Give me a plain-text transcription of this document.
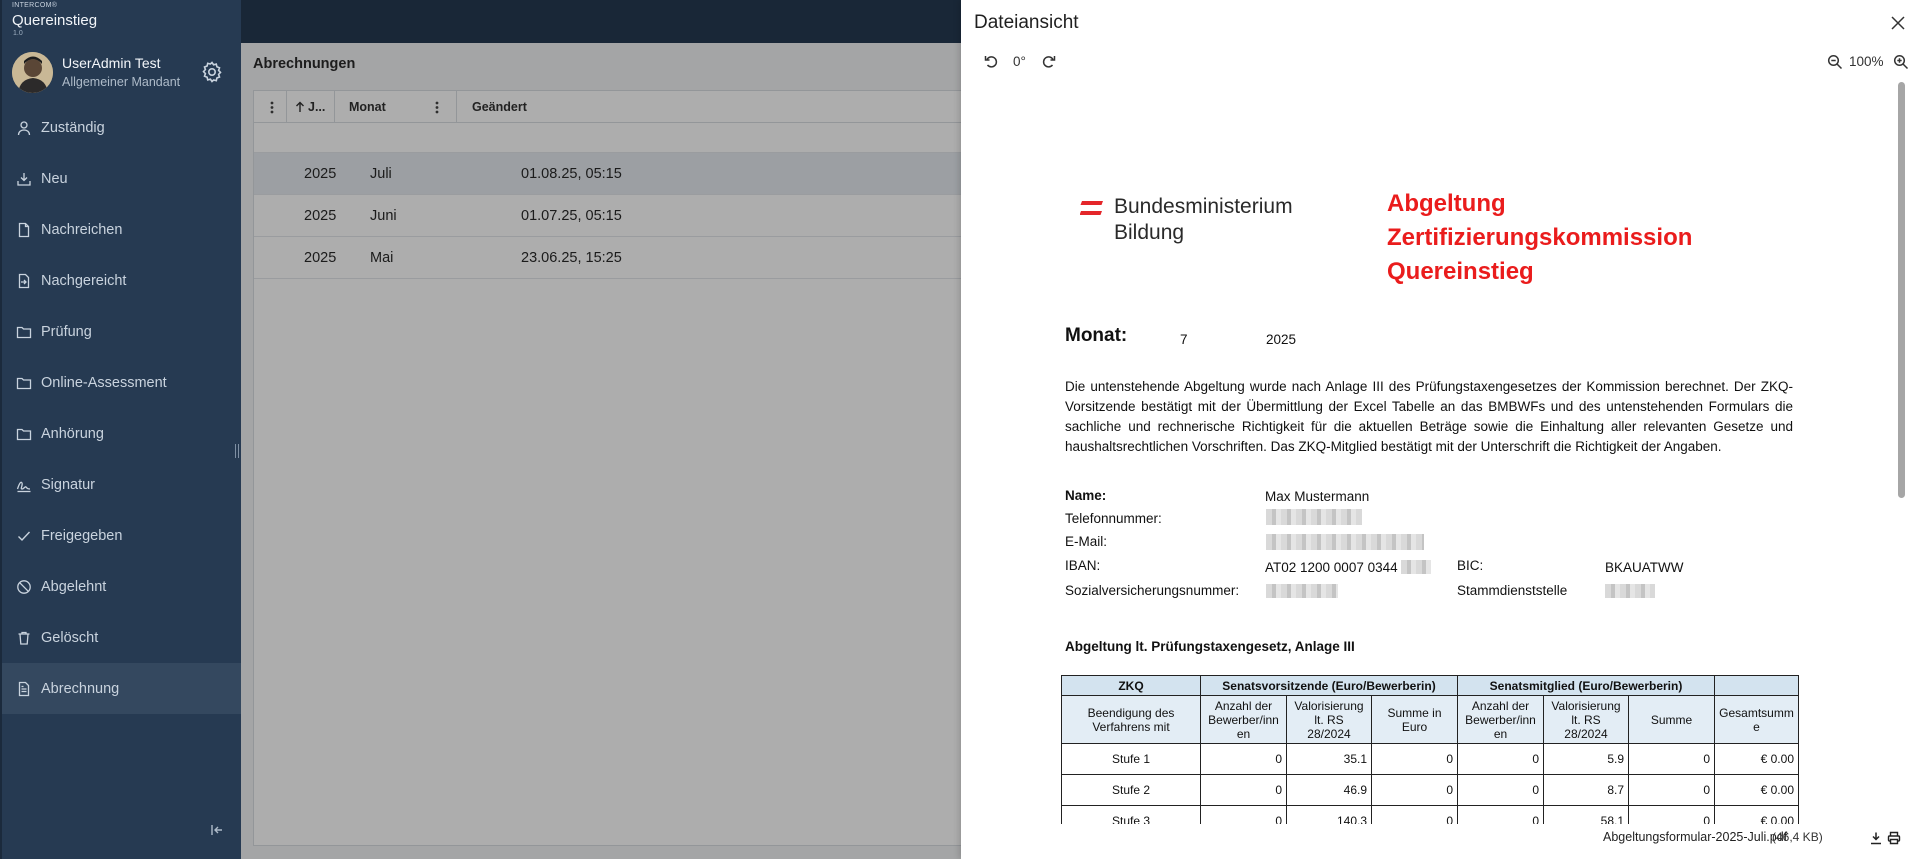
INTERCOM®
Quereinstieg
1.0
UserAdmin Test
Allgemeiner Mandant
Zuständig
Neu
Nachreichen
Nachgereicht
Prüfung
Online-Assessment
Anhörung
Signatur
Freigegeben
Abgelehnt
Gelöscht
Abrechnung
Abrechnungen
J... Monat	Geändert
2025 Juli	01.08.25, 05:15
2025 Juni	01.07.25, 05:15
2025 Mai	23.06.25, 15:25
Dateiansicht
0°	100%
Bundesministerium
Bildung
Abgeltung
Zertifizierungskommission
Quereinstieg
Monat:	7	2025
Die untenstehende Abgeltung wurde nach Anlage III des Prüfungstaxengesetzes der Kommission berechnet. Der ZKQ-Vorsitzende bestätigt mit der Übermittlung der Excel Tabelle an das BMBWFs und des untenstehenden Formulars die sachliche und rechnerische Richtigkeit für die aktuellen Beträge sowie die Einhaltung aller relevanten Gesetze und haushaltsrechtlichen Vorschriften. Das ZKQ-Mitglied bestätigt mit der Unterschrift die Richtigkeit der Angaben.
Name:	Max Mustermann
Telefonnummer:
E-Mail:
IBAN:	AT02 1200 0007 0344	BIC:	BKAUATWW
Sozialversicherungsnummer:	Stammdienststelle
Abgeltung lt. Prüfungstaxengesetz, Anlage III
ZKQ	Senatsvorsitzende (Euro/Bewerberin)			Senatsmitglied (Euro/Bewerberin)			
Beendigung des Verfahrens mit	Anzahl der Bewerber/inn en	Valorisierung lt. RS 28/2024	Summe in Euro	Anzahl der Bewerber/inn en	Valorisierung lt. RS 28/2024	Summe	Gesamtsumm e
Stufe 1	0	35.1	0	0	5.9	0	€ 0.00
Stufe 2	0	46.9	0	0	8.7	0	€ 0.00
Stufe 3	0	140.3	0	0	58.1	0	€ 0.00
Abgeltungsformular-2025-Juli.pdf
(46,4 KB)
